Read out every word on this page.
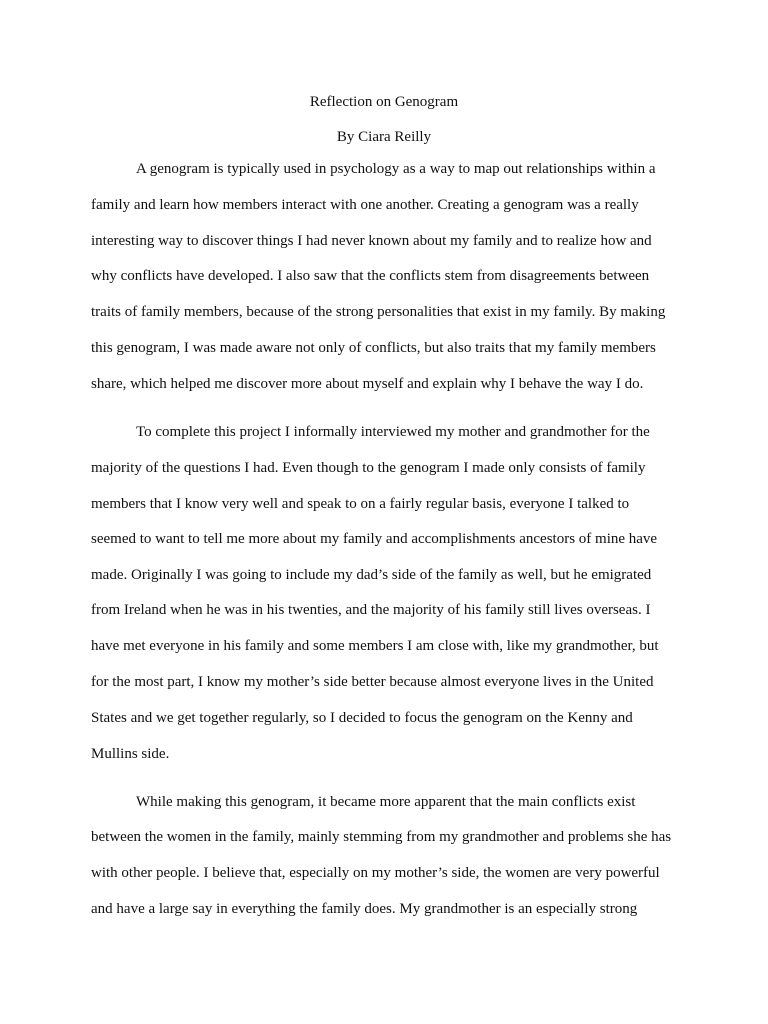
Reflection on Genogram

By Ciara Reilly

A genogram is typically used in psychology as a way to map out relationships within a

family and learn how members interact with one another. Creating a genogram was a really

interesting way to discover things I had never known about my family and to realize how and

why conflicts have developed. I also saw that the conflicts stem from disagreements between

traits of family members, because of the strong personalities that exist in my family. By making

this genogram, I was made aware not only of conflicts, but also traits that my family members

share, which helped me discover more about myself and explain why I behave the way I do.

To complete this project I informally interviewed my mother and grandmother for the

majority of the questions I had. Even though to the genogram I made only consists of family

members that I know very well and speak to on a fairly regular basis, everyone I talked to

seemed to want to tell me more about my family and accomplishments ancestors of mine have

made. Originally I was going to include my dad’s side of the family as well, but he emigrated

from Ireland when he was in his twenties, and the majority of his family still lives overseas. I

have met everyone in his family and some members I am close with, like my grandmother, but

for the most part, I know my mother’s side better because almost everyone lives in the United

States and we get together regularly, so I decided to focus the genogram on the Kenny and

Mullins side.

While making this genogram, it became more apparent that the main conflicts exist

between the women in the family, mainly stemming from my grandmother and problems she has

with other people. I believe that, especially on my mother’s side, the women are very powerful

and have a large say in everything the family does. My grandmother is an especially strong
